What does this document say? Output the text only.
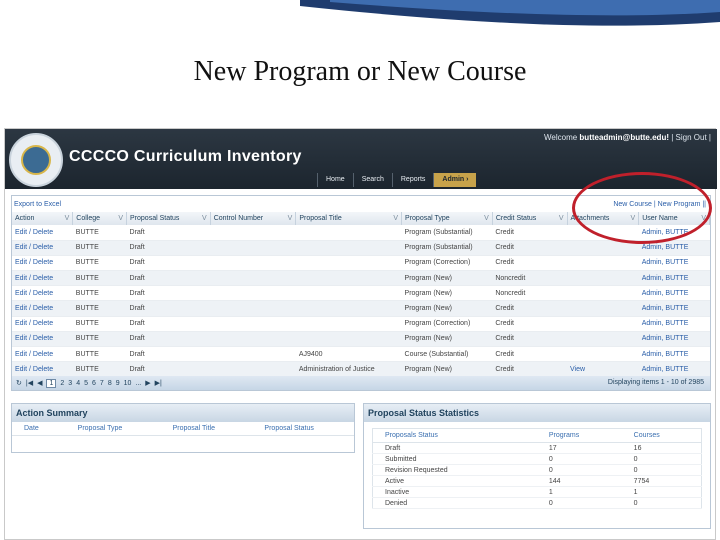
New Program or New Course
CCCCO Curriculum Inventory
Welcome butteadmin@butte.edu! | Sign Out |
Home	Search	Reports	Admin ›
Export to Excel	New Course | New Program ||
Action V	College V	Proposal Status V	Control Number V	Proposal Title V	Proposal Type V	Credit Status V	Attachments V	User Name V

Edit / Delete	BUTTE	Draft			Program (Substantial)	Credit		Admin, BUTTE
Edit / Delete	BUTTE	Draft			Program (Substantial)	Credit		Admin, BUTTE
Edit / Delete	BUTTE	Draft			Program (Correction)	Credit		Admin, BUTTE
Edit / Delete	BUTTE	Draft			Program (New)	Noncredit		Admin, BUTTE
Edit / Delete	BUTTE	Draft			Program (New)	Noncredit		Admin, BUTTE
Edit / Delete	BUTTE	Draft			Program (New)	Credit		Admin, BUTTE
Edit / Delete	BUTTE	Draft			Program (Correction)	Credit		Admin, BUTTE
Edit / Delete	BUTTE	Draft			Program (New)	Credit		Admin, BUTTE
Edit / Delete	BUTTE	Draft		AJ9400	Course (Substantial)	Credit		Admin, BUTTE
Edit / Delete	BUTTE	Draft		Administration of Justice	Program (New)	Credit	View	Admin, BUTTE
↻ |◀ ◀ 1 2 3 4 5 6 7 8 9 10 ... ▶ ▶|	Displaying items 1 - 10 of 2985
Action Summary
Date	Proposal Type	Proposal Title	Proposal Status
Proposal Status Statistics
Proposals Status	Programs	Courses
Draft	17	16
Submitted	0	0
Revision Requested	0	0
Active	144	7754
Inactive	1	1
Denied	0	0
